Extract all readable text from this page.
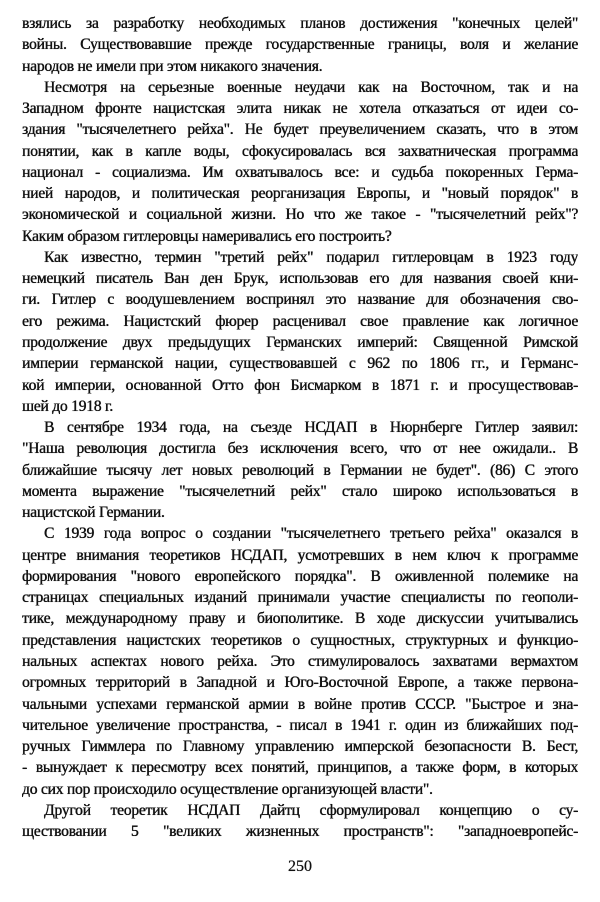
взялись за разработку необходимых планов достижения "конечных целей"
войны. Существовавшие прежде государственные границы, воля и желание
народов не имели при этом никакого значения.
Несмотря на серьезные военные неудачи как на Восточном, так и на
Западном фронте нацистская элита никак не хотела отказаться от идеи со-
здания "тысячелетнего рейха". Не будет преувеличением сказать, что в этом
понятии, как в капле воды, сфокусировалась вся захватническая программа
национал - социализма. Им охватывалось все: и судьба покоренных Герма-
нией народов, и политическая реорганизация Европы, и "новый порядок" в
экономической и социальной жизни. Но что же такое - "тысячелетний рейх"?
Каким образом гитлеровцы намеривались его построить?
Как известно, термин "третий рейх" подарил гитлеровцам в 1923 году
немецкий писатель Ван ден Брук, использовав его для названия своей кни-
ги. Гитлер с воодушевлением воспринял это название для обозначения сво-
его режима. Нацистский фюрер расценивал свое правление как логичное
продолжение двух предыдущих Германских империй: Священной Римской
империи германской нации, существовавшей с 962 по 1806 гг., и Германс-
кой империи, основанной Отто фон Бисмарком в 1871 г. и просуществовав-
шей до 1918 г.
В сентябре 1934 года, на съезде НСДАП в Нюрнберге Гитлер заявил:
"Наша революция достигла без исключения всего, что от нее ожидали.. В
ближайшие тысячу лет новых революций в Германии не будет". (86) С этого
момента выражение "тысячелетний рейх" стало широко использоваться в
нацистской Германии.
С 1939 года вопрос о создании "тысячелетнего третьего рейха" оказался в
центре внимания теоретиков НСДАП, усмотревших в нем ключ к программе
формирования "нового европейского порядка". В оживленной полемике на
страницах специальных изданий принимали участие специалисты по геополи-
тике, международному праву и биополитике. В ходе дискуссии учитывались
представления нацистских теоретиков о сущностных, структурных и функцио-
нальных аспектах нового рейха. Это стимулировалось захватами вермахтом
огромных территорий в Западной и Юго-Восточной Европе, а также первона-
чальными успехами германской армии в войне против СССР. "Быстрое и зна-
чительное увеличение пространства, - писал в 1941 г. один из ближайших под-
ручных Гиммлера по Главному управлению имперской безопасности В. Бест,
- вынуждает к пересмотру всех понятий, принципов, а также форм, в которых
до сих пор происходило осуществление организующей власти".
Другой теоретик НСДАП Дайтц сформулировал концепцию о су-
ществовании 5 "великих жизненных пространств": "западноевропейс-
250
